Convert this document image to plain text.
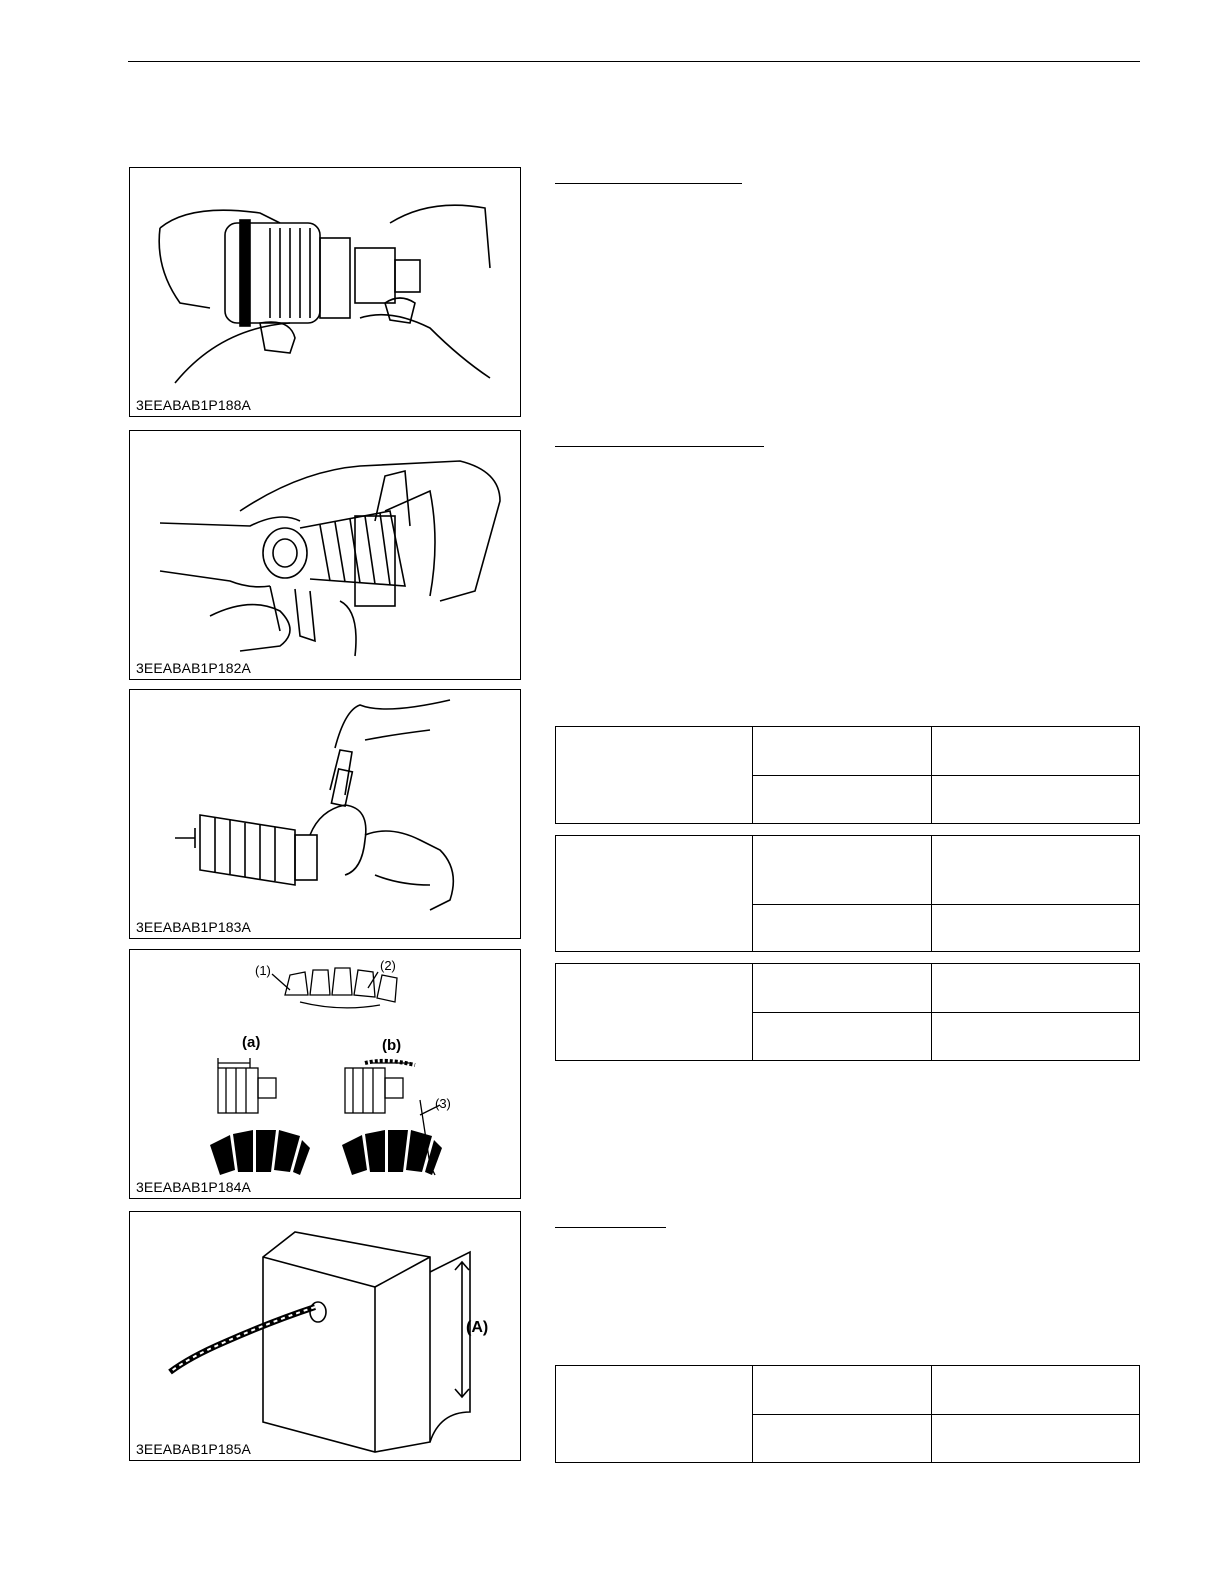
3EEABAB1P188A
3EEABAB1P182A
3EEABAB1P183A
(1)	(2)
(a)	(b)
(3)
3EEABAB1P184A
(A)
3EEABAB1P185A
